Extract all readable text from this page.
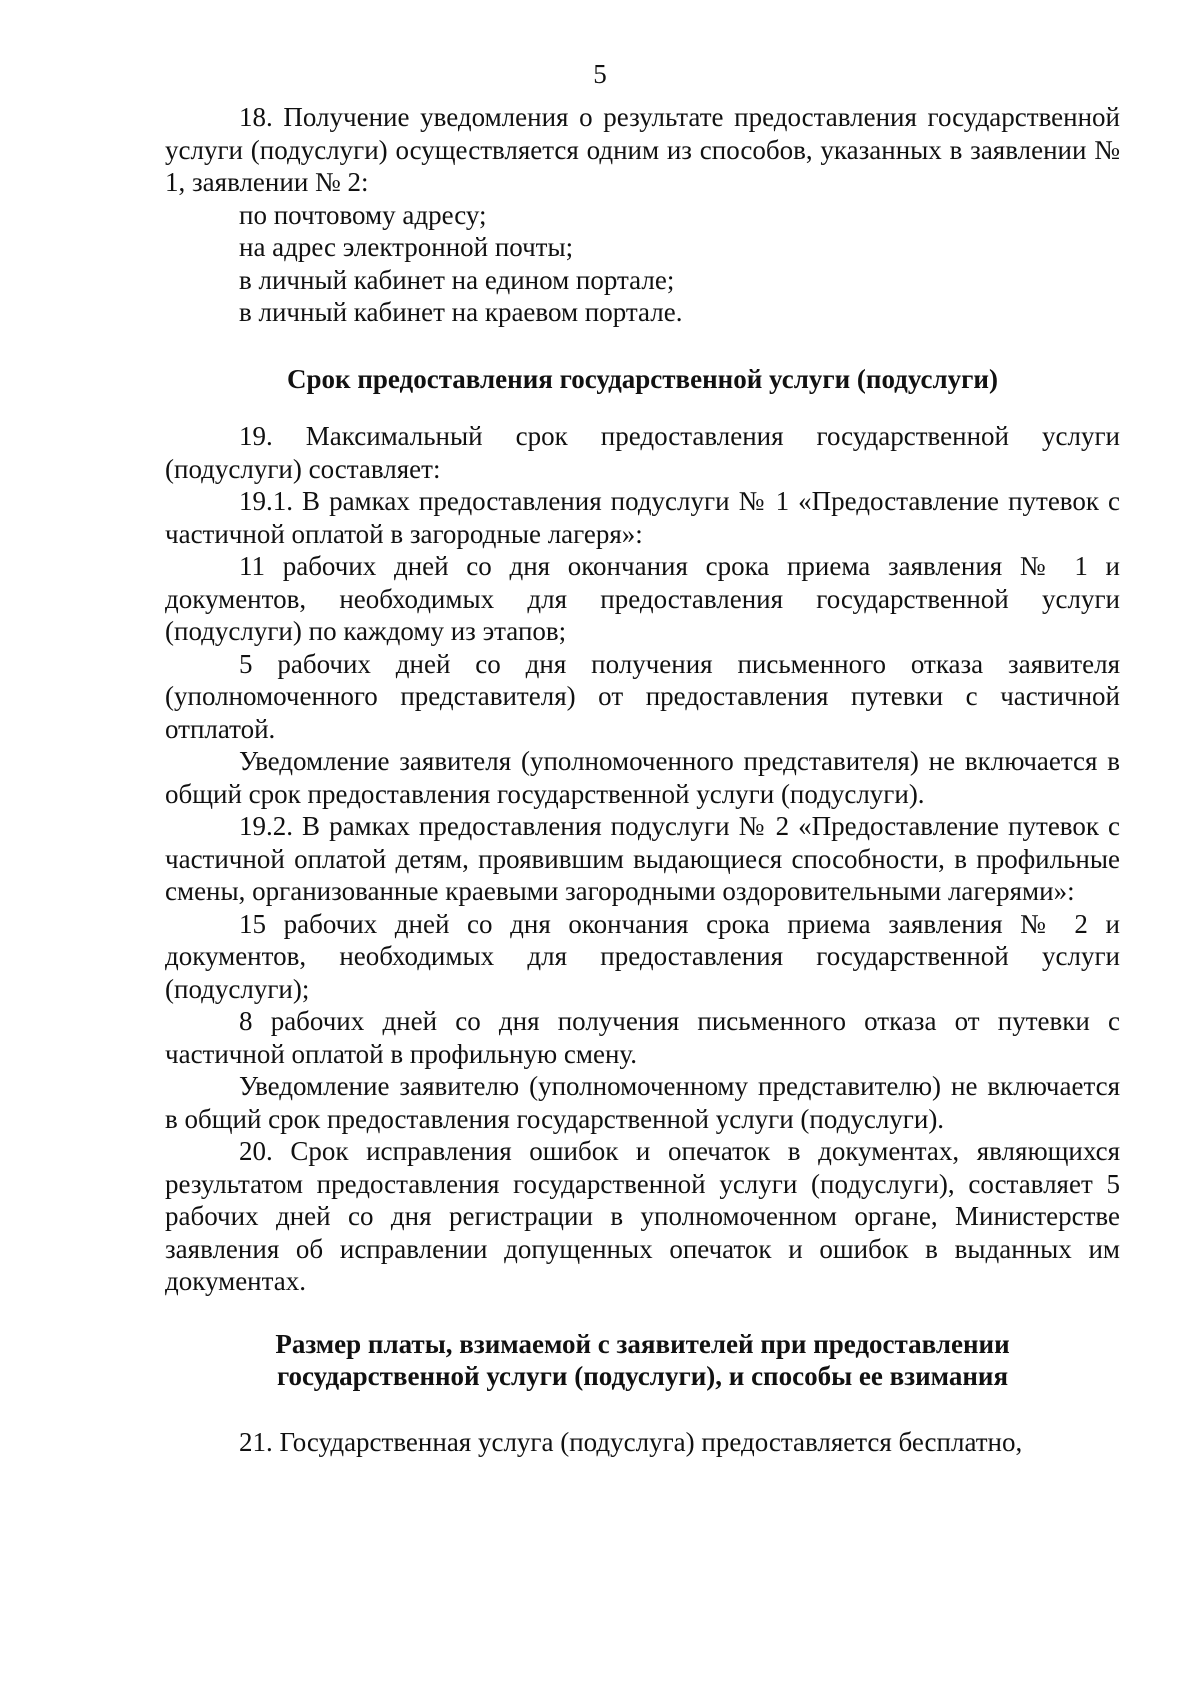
5

18. Получение уведомления о результате предоставления государственной услуги (подуслуги) осуществляется одним из способов, указанных в заявлении № 1, заявлении № 2:

по почтовому адресу;

на адрес электронной почты;

в личный кабинет на едином портале;

в личный кабинет на краевом портале.

Срок предоставления государственной услуги (подуслуги)

19. Максимальный срок предоставления государственной услуги (подуслуги) составляет:

19.1. В рамках предоставления подуслуги № 1 «Предоставление путевок с частичной оплатой в загородные лагеря»:

11 рабочих дней со дня окончания срока приема заявления № 1 и документов, необходимых для предоставления государственной услуги (подуслуги) по каждому из этапов;

5 рабочих дней со дня получения письменного отказа заявителя (уполномоченного представителя) от предоставления путевки с частичной отплатой.

Уведомление заявителя (уполномоченного представителя) не включается в общий срок предоставления государственной услуги (подуслуги).

19.2. В рамках предоставления подуслуги № 2 «Предоставление путевок с частичной оплатой детям, проявившим выдающиеся способности, в профильные смены, организованные краевыми загородными оздоровительными лагерями»:

15 рабочих дней со дня окончания срока приема заявления № 2 и документов, необходимых для предоставления государственной услуги (подуслуги);

8 рабочих дней со дня получения письменного отказа от путевки с частичной оплатой в профильную смену.

Уведомление заявителю (уполномоченному представителю) не включается в общий срок предоставления государственной услуги (подуслуги).

20. Срок исправления ошибок и опечаток в документах, являющихся результатом предоставления государственной услуги (подуслуги), составляет 5 рабочих дней со дня регистрации в уполномоченном органе, Министерстве заявления об исправлении допущенных опечаток и ошибок в выданных им документах.

Размер платы, взимаемой с заявителей при предоставлении

государственной услуги (подуслуги), и способы ее взимания

21. Государственная услуга (подуслуга) предоставляется бесплатно,
